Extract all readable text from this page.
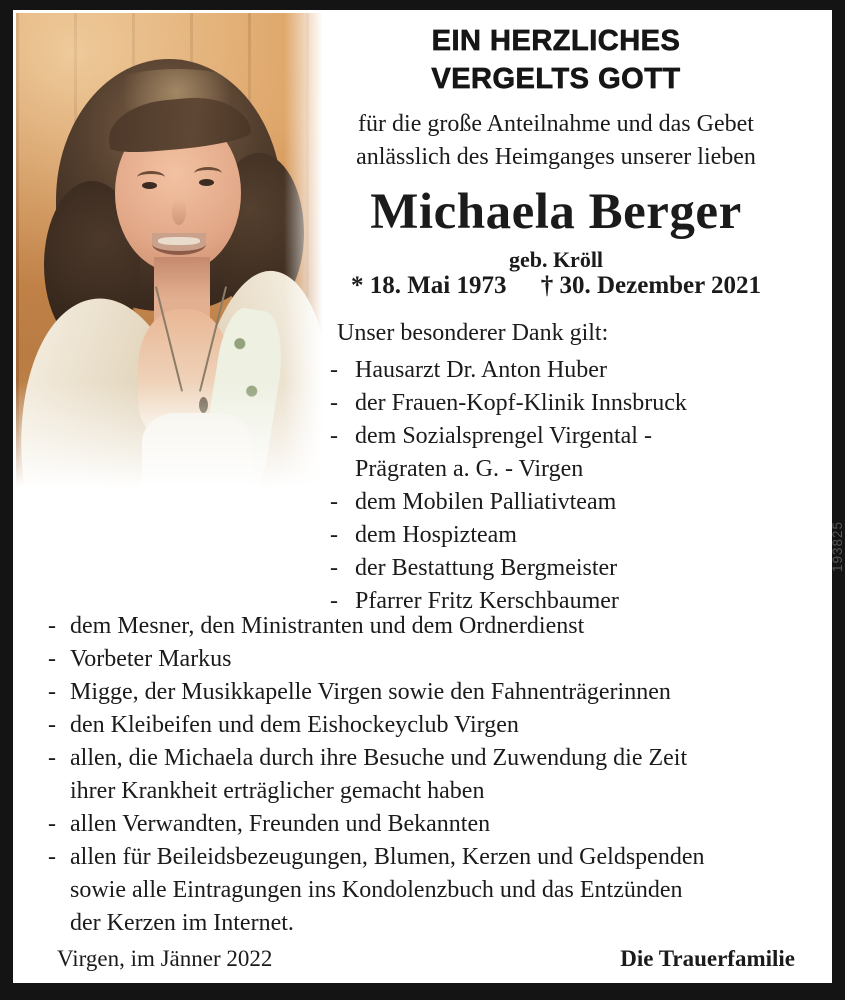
EIN HERZLICHES
VERGELTS GOTT
für die große Anteilnahme und das Gebet
anlässlich des Heimganges unserer lieben
Michaela Berger
geb. Kröll
* 18. Mai 1973 † 30. Dezember 2021
Unser besonderer Dank gilt:
- Hausarzt Dr. Anton Huber
- der Frauen-Kopf-Klinik Innsbruck
- dem Sozialsprengel Virgental -
Prägraten a. G. - Virgen
- dem Mobilen Palliativteam
- dem Hospizteam
- der Bestattung Bergmeister
- Pfarrer Fritz Kerschbaumer
- dem Mesner, den Ministranten und dem Ordnerdienst
- Vorbeter Markus
- Migge, der Musikkapelle Virgen sowie den Fahnenträgerinnen
- den Kleibeifen und dem Eishockeyclub Virgen
- allen, die Michaela durch ihre Besuche und Zuwendung die Zeit
ihrer Krankheit erträglicher gemacht haben
- allen Verwandten, Freunden und Bekannten
- allen für Beileidsbezeugungen, Blumen, Kerzen und Geldspenden
sowie alle Eintragungen ins Kondolenzbuch und das Entzünden
der Kerzen im Internet.
Virgen, im Jänner 2022	Die Trauerfamilie
193825
